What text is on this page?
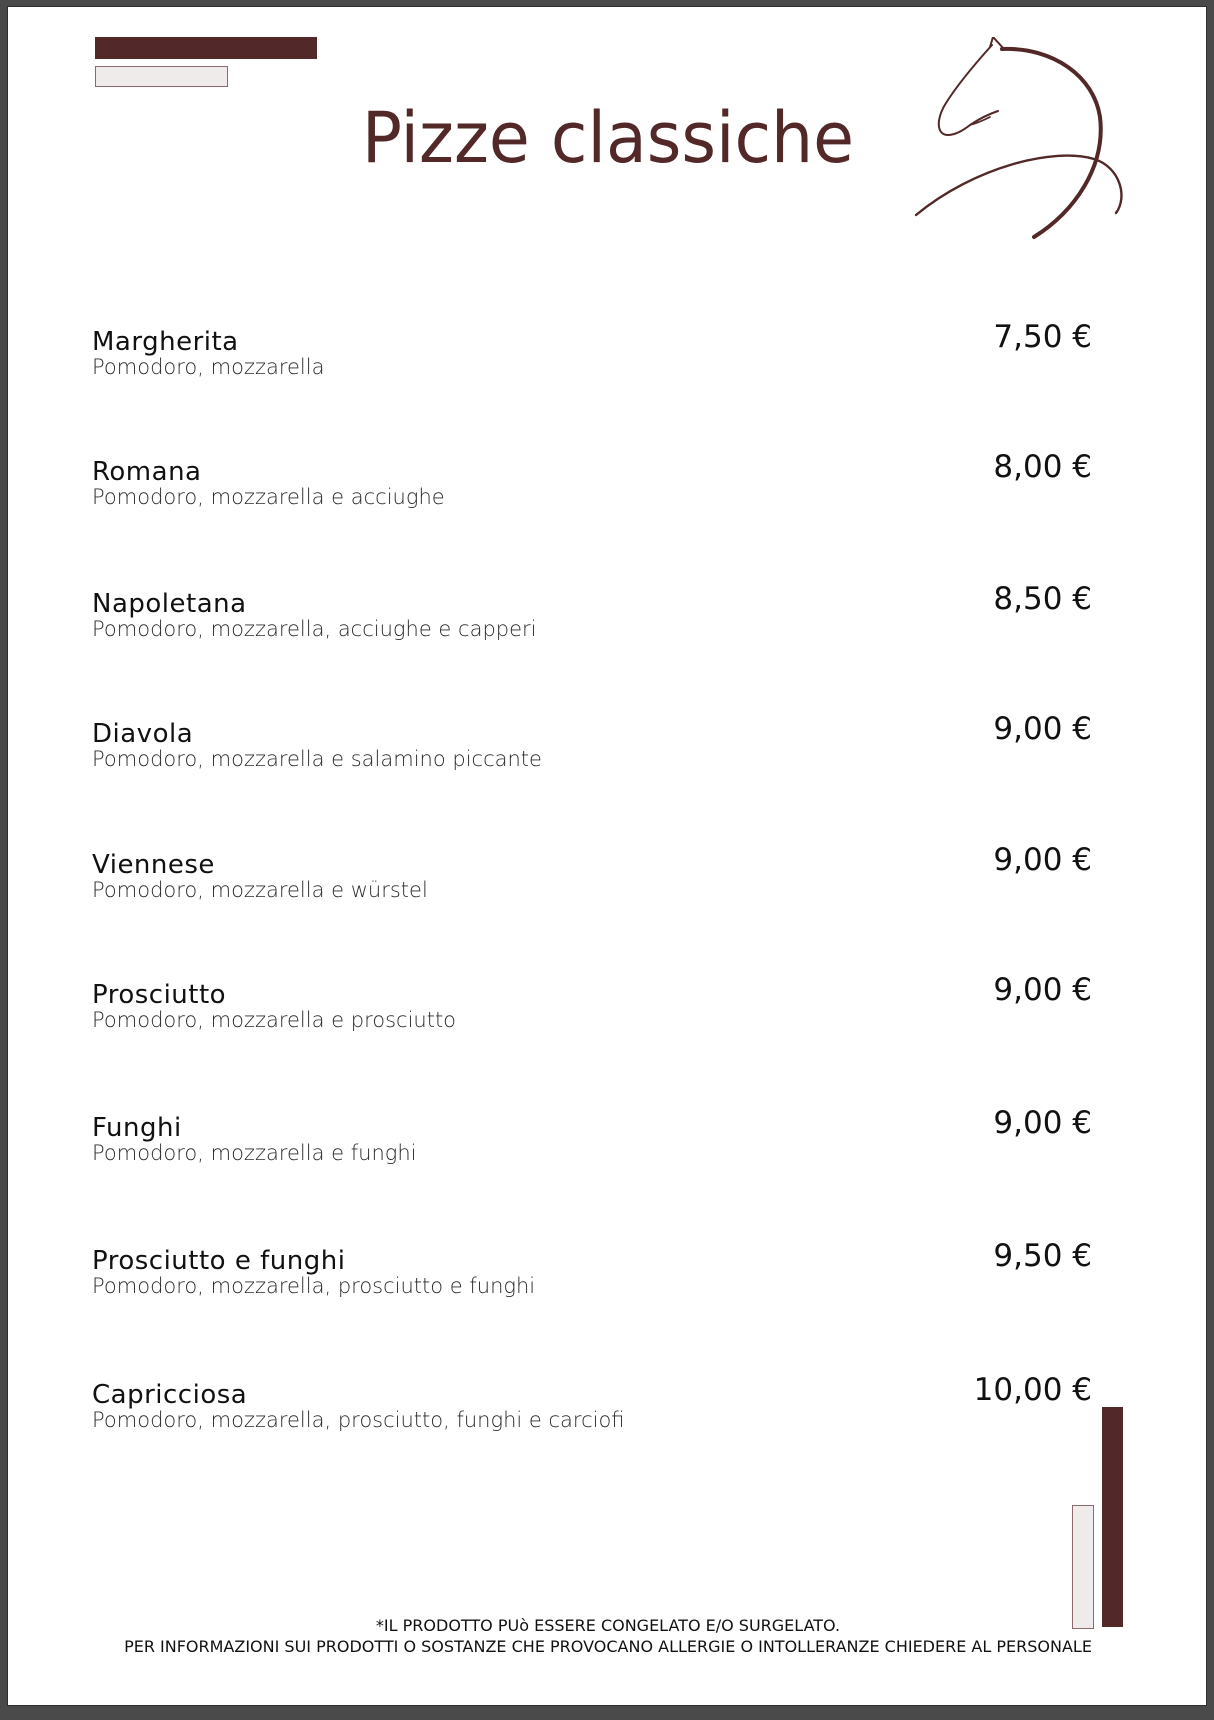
Pizze classiche
Margherita
Pomodoro, mozzarella
7,50 €
Romana
Pomodoro, mozzarella e acciughe
8,00 €
Napoletana
Pomodoro, mozzarella, acciughe e capperi
8,50 €
Diavola
Pomodoro, mozzarella e salamino piccante
9,00 €
Viennese
Pomodoro, mozzarella e würstel
9,00 €
Prosciutto
Pomodoro, mozzarella e prosciutto
9,00 €
Funghi
Pomodoro, mozzarella e funghi
9,00 €
Prosciutto e funghi
Pomodoro, mozzarella, prosciutto e funghi
9,50 €
Capricciosa
Pomodoro, mozzarella, prosciutto, funghi e carciofi
10,00 €
*IL PRODOTTO PUò ESSERE CONGELATO E/O SURGELATO.
PER INFORMAZIONI SUI PRODOTTI O SOSTANZE CHE PROVOCANO ALLERGIE O INTOLLERANZE CHIEDERE AL PERSONALE
